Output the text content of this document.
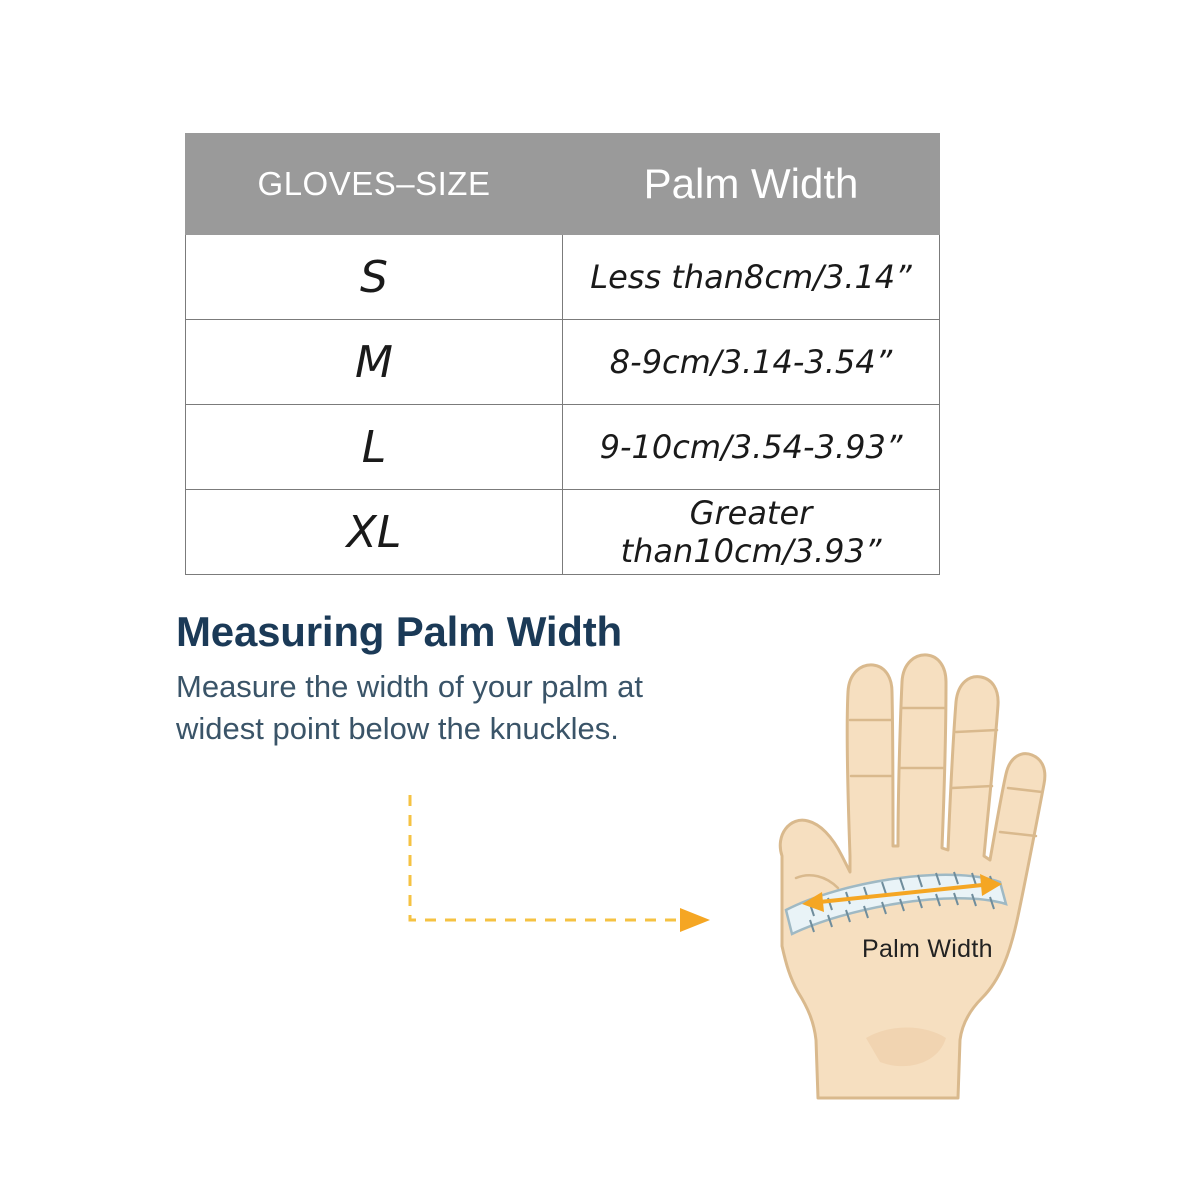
GLOVES–SIZE	Palm Width
S	Less than8cm/3.14”
M	8-9cm/3.14-3.54”
L	9-10cm/3.54-3.93”
XL	Greater than10cm/3.93”
Measuring Palm Width
Measure the width of your palm at widest point below the knuckles.
Palm Width
